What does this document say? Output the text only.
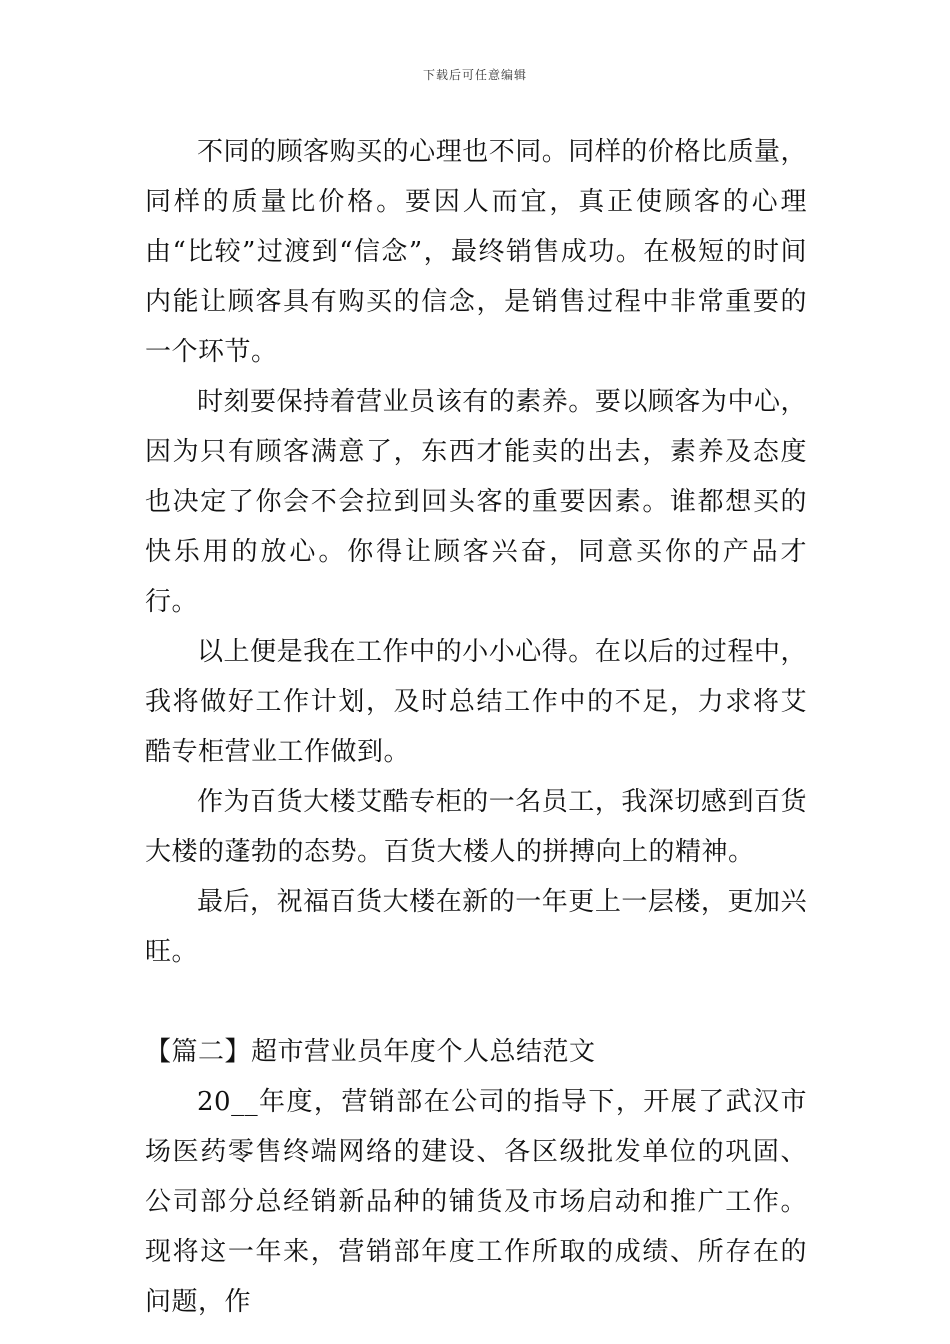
下载后可任意编辑

不同的顾客购买的心理也不同。同样的价格比质量，同样的质量比价格。要因人而宜，真正使顾客的心理由“比较”过渡到“信念”，最终销售成功。在极短的时间内能让顾客具有购买的信念，是销售过程中非常重要的一个环节。

时刻要保持着营业员该有的素养。要以顾客为中心，因为只有顾客满意了，东西才能卖的出去，素养及态度也决定了你会不会拉到回头客的重要因素。谁都想买的快乐用的放心。你得让顾客兴奋，同意买你的产品才行。

以上便是我在工作中的小小心得。在以后的过程中，我将做好工作计划，及时总结工作中的不足，力求将艾酷专柜营业工作做到。

作为百货大楼艾酷专柜的一名员工，我深切感到百货大楼的蓬勃的态势。百货大楼人的拼搏向上的精神。

最后，祝福百货大楼在新的一年更上一层楼，更加兴旺。

【篇二】超市营业员年度个人总结范文

20__年度，营销部在公司的指导下，开展了武汉市场医药零售终端网络的建设、各区级批发单位的巩固、公司部分总经销新品种的铺货及市场启动和推广工作。现将这一年来，营销部年度工作所取的成绩、所存在的问题，作
